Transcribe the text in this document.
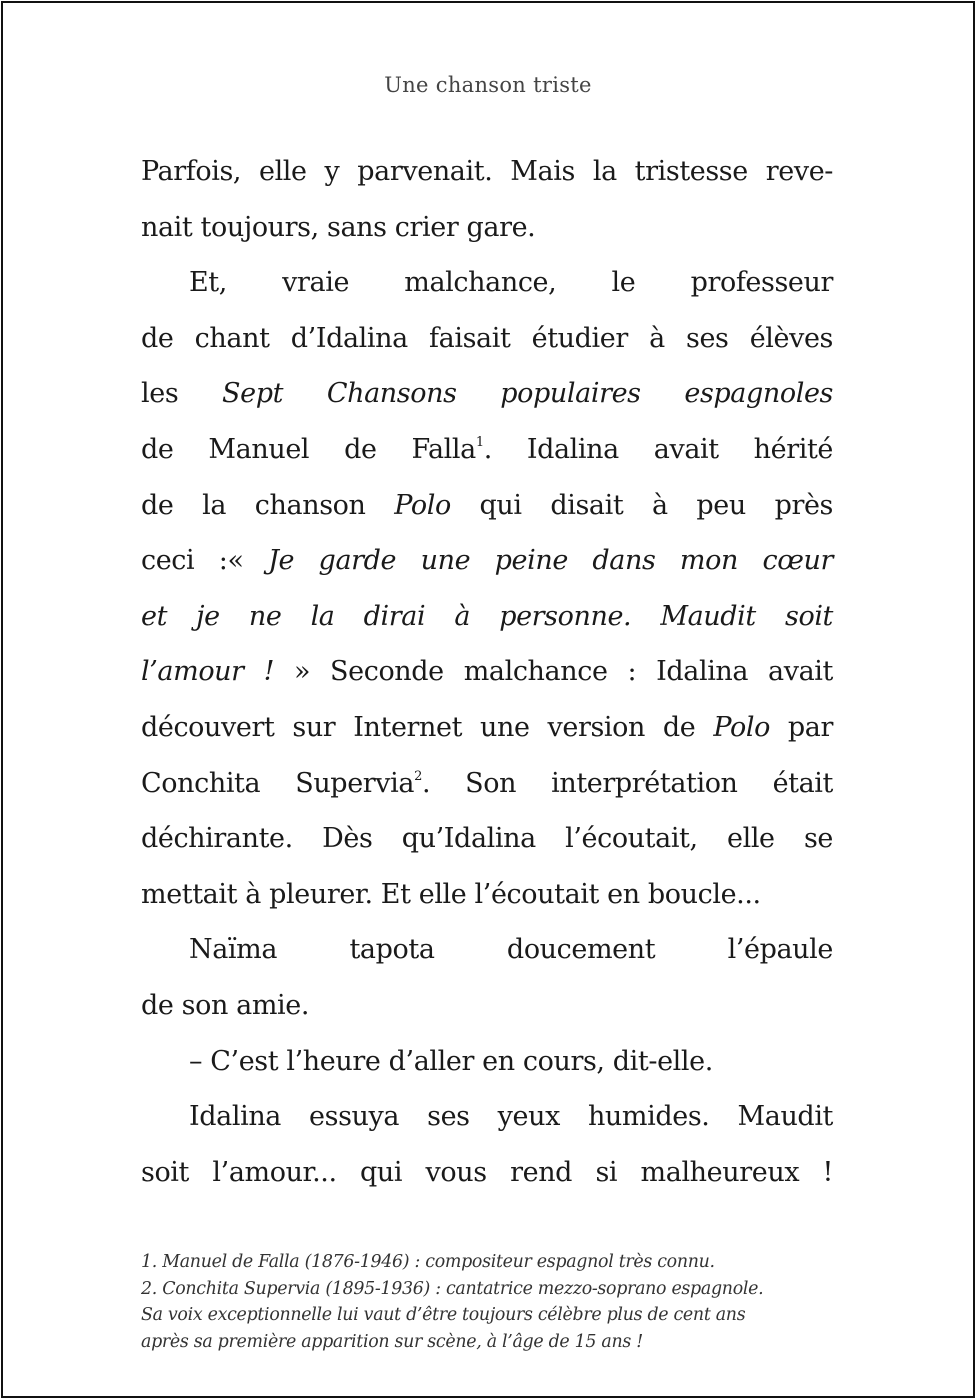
Une chanson triste
Parfois, elle y parvenait. Mais la tristesse reve-
nait toujours, sans crier gare.
Et, vraie malchance, le professeur
de chant d’Idalina faisait étudier à ses élèves
les Sept Chansons populaires espagnoles
de Manuel de Falla$^1$. Idalina avait hérité
de la chanson Polo qui disait à peu près
ceci :« Je garde une peine dans mon cœur
et je ne la dirai à personne. Maudit soit
l’amour ! » Seconde malchance : Idalina avait
découvert sur Internet une version de Polo par
Conchita Supervia$^2$. Son interprétation était
déchirante. Dès qu’Idalina l’écoutait, elle se
mettait à pleurer. Et elle l’écoutait en boucle...
Naïma tapota doucement l’épaule
de son amie.
– C’est l’heure d’aller en cours, dit-elle.
Idalina essuya ses yeux humides. Maudit
soit l’amour... qui vous rend si malheureux !
1. Manuel de Falla (1876-1946) : compositeur espagnol très connu.
2. Conchita Supervia (1895-1936) : cantatrice mezzo-soprano espagnole.
Sa voix exceptionnelle lui vaut d’être toujours célèbre plus de cent ans
après sa première apparition sur scène, à l’âge de 15 ans !
